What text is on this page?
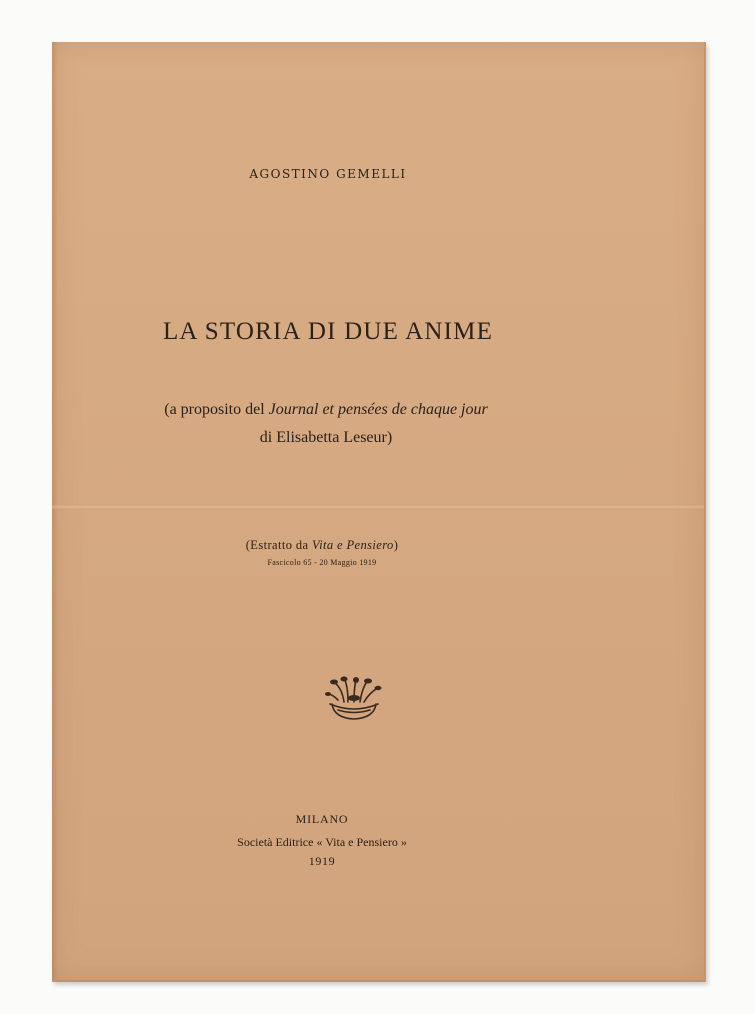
AGOSTINO GEMELLI

LA STORIA DI DUE ANIME

(a proposito del Journal et pensées de chaque jour
di Elisabetta Leseur)

(Estratto da Vita e Pensiero)

Fascicolo 65 - 20 Maggio 1919

MILANO

Società Editrice « Vita e Pensiero »

1919
